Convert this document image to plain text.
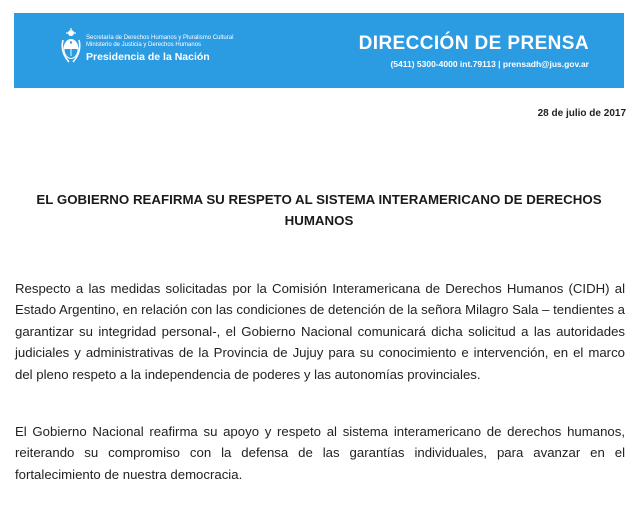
Secretaría de Derechos Humanos y Pluralismo Cultural
Ministerio de Justicia y Derechos Humanos
Presidencia de la Nación
DIRECCIÓN DE PRENSA
(5411) 5300-4000 int.79113 | prensadh@jus.gov.ar
28 de julio de 2017
EL GOBIERNO REAFIRMA SU RESPETO AL SISTEMA INTERAMERICANO DE DERECHOS HUMANOS
Respecto a las medidas solicitadas por la Comisión Interamericana de Derechos Humanos (CIDH) al Estado Argentino, en relación con las condiciones de detención de la señora Milagro Sala – tendientes a garantizar su integridad personal-, el Gobierno Nacional comunicará dicha solicitud a las autoridades judiciales y administrativas de la Provincia de Jujuy para su conocimiento e intervención, en el marco del pleno respeto a la independencia de poderes y las autonomías provinciales.
El Gobierno Nacional reafirma su apoyo y respeto al sistema interamericano de derechos humanos, reiterando su compromiso con la defensa de las garantías individuales, para avanzar en el fortalecimiento de nuestra democracia.
